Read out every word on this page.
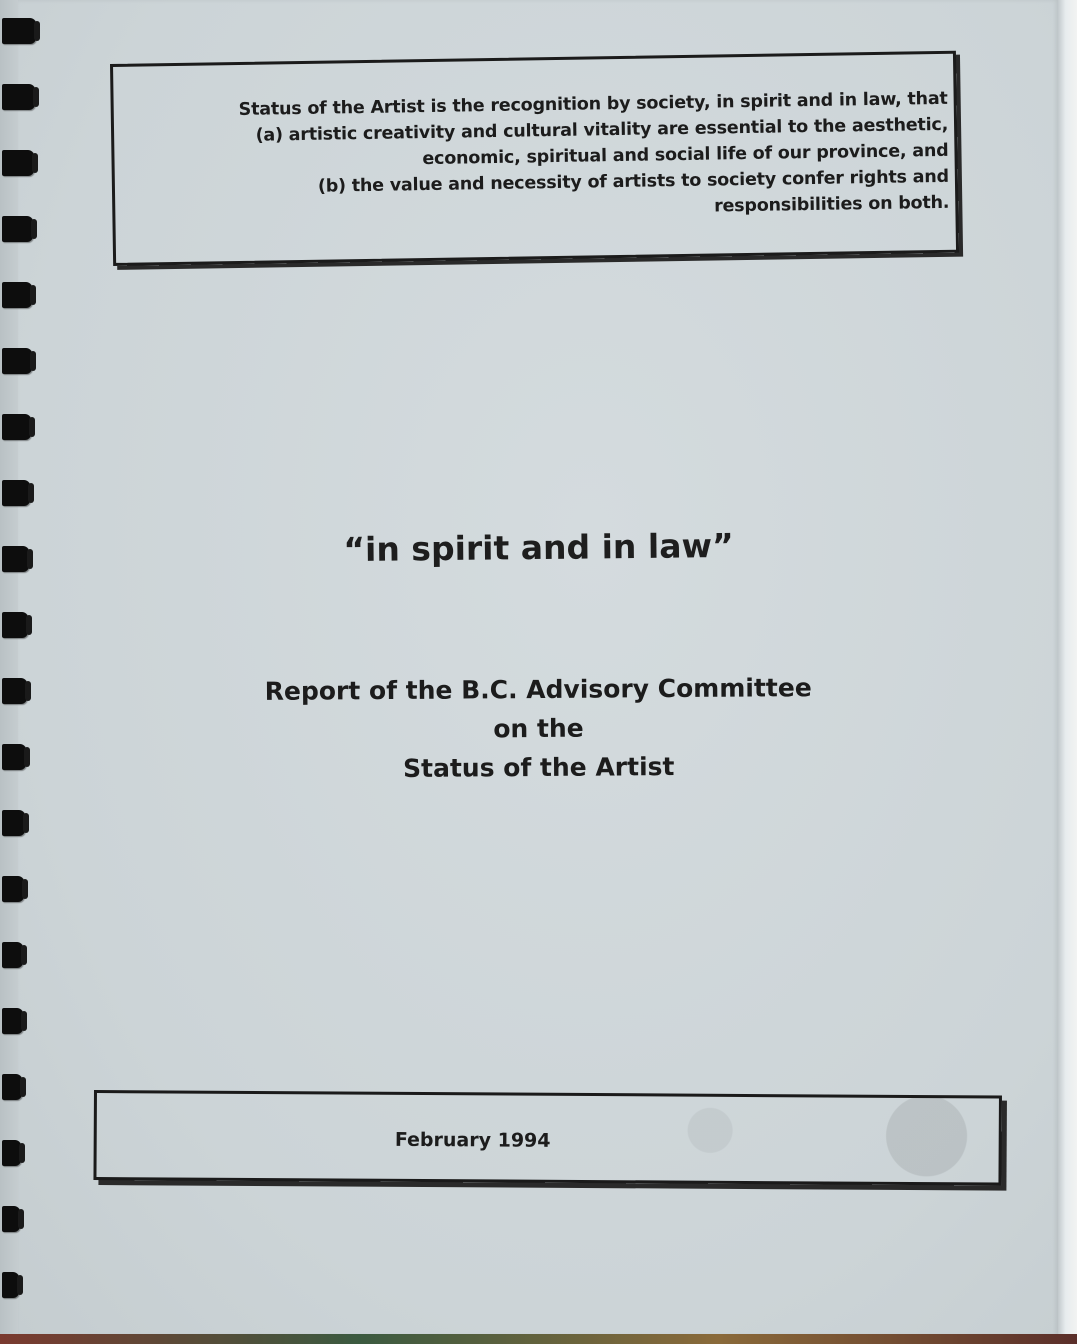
Status of the Artist is the recognition by society, in spirit and in law, that
(a) artistic creativity and cultural vitality are essential to the aesthetic,
economic, spiritual and social life of our province, and
(b) the value and necessity of artists to society confer rights and
responsibilities on both.
“in spirit and in law”
Report of the B.C. Advisory Committee
on the
Status of the Artist
February 1994
